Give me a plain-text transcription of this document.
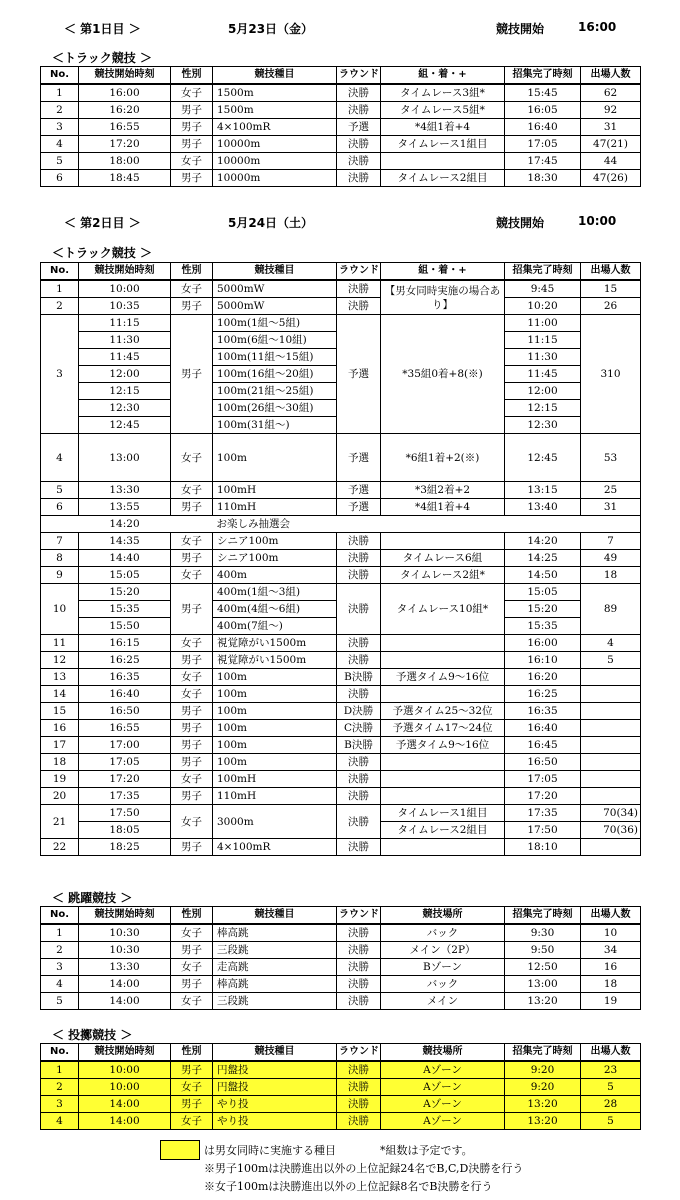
＜ 第1日目 ＞	5月23日（金）	競技開始	16:00
＜トラック競技 ＞
No.	競技開始時刻	性別	競技種目	ラウンド	組・着・+	招集完了時刻	出場人数
1	16:00	女子	1500m	決勝	タイムレース3組*	15:45	62
2	16:20	男子	1500m	決勝	タイムレース5組*	16:05	92
3	16:55	男子	4×100mR	予選	*4組1着+4	16:40	31
4	17:20	男子	10000m	決勝	タイムレース1組目	17:05	47(21)
5	18:00	女子	10000m	決勝		17:45	44
6	18:45	男子	10000m	決勝	タイムレース2組目	18:30	47(26)
＜ 第2日目 ＞	5月24日（土）	競技開始	10:00
＜トラック競技 ＞
No.	競技開始時刻	性別	競技種目	ラウンド	組・着・+	招集完了時刻	出場人数
1	10:00	女子	5000mW	決勝	【男女同時実施の場合あり】	9:45	15
2	10:35	男子	5000mW	決勝		10:20	26
3	11:15	男子	100m(1組～5組)	予選	*35組0着+8(※)	11:00	310
	11:30		100m(6組～10組)			11:15	
	11:45		100m(11組～15組)			11:30	
	12:00		100m(16組～20組)			11:45	
	12:15		100m(21組～25組)			12:00	
	12:30		100m(26組～30組)			12:15	
	12:45		100m(31組～)			12:30	
4	13:00	女子	100m	予選	*6組1着+2(※)	12:45	53
5	13:30	女子	100mH	予選	*3組2着+2	13:15	25
6	13:55	男子	110mH	予選	*4組1着+4	13:40	31
	14:20		お楽しみ抽選会				
7	14:35	女子	シニア100m	決勝		14:20	7
8	14:40	男子	シニア100m	決勝	タイムレース6組	14:25	49
9	15:05	女子	400m	決勝	タイムレース2組*	14:50	18
10	15:20	男子	400m(1組～3組)	決勝	タイムレース10組*	15:05	89
	15:35		400m(4組～6組)			15:20	
	15:50		400m(7組～)			15:35	
11	16:15	女子	視覚障がい1500m	決勝		16:00	4
12	16:25	男子	視覚障がい1500m	決勝		16:10	5
13	16:35	女子	100m	B決勝	予選タイム9～16位	16:20	
14	16:40	女子	100m	決勝		16:25	
15	16:50	男子	100m	D決勝	予選タイム25～32位	16:35	
16	16:55	男子	100m	C決勝	予選タイム17～24位	16:40	
17	17:00	男子	100m	B決勝	予選タイム9～16位	16:45	
18	17:05	男子	100m	決勝		16:50	
19	17:20	女子	100mH	決勝		17:05	
20	17:35	男子	110mH	決勝		17:20	
21	17:50	女子	3000m	決勝	タイムレース1組目	17:35	70(34)
	18:05				タイムレース2組目	17:50	70(36)
22	18:25	男子	4×100mR	決勝		18:10	
＜ 跳躍競技 ＞
No.	競技開始時刻	性別	競技種目	ラウンド	競技場所	招集完了時刻	出場人数
1	10:30	女子	棒高跳	決勝	バック	9:30	10
2	10:30	男子	三段跳	決勝	メイン（2P）	9:50	34
3	13:30	女子	走高跳	決勝	Bゾーン	12:50	16
4	14:00	男子	棒高跳	決勝	バック	13:00	18
5	14:00	女子	三段跳	決勝	メイン	13:20	19
＜ 投擲競技 ＞
No.	競技開始時刻	性別	競技種目	ラウンド	競技場所	招集完了時刻	出場人数
1	10:00	男子	円盤投	決勝	Aゾーン	9:20	23
2	10:00	女子	円盤投	決勝	Aゾーン	9:20	5
3	14:00	男子	やり投	決勝	Aゾーン	13:20	28
4	14:00	女子	やり投	決勝	Aゾーン	13:20	5
は男女同時に実施する種目	*組数は予定です。
※男子100mは決勝進出以外の上位記録24名でB,C,D決勝を行う
※女子100mは決勝進出以外の上位記録8名でB決勝を行う
